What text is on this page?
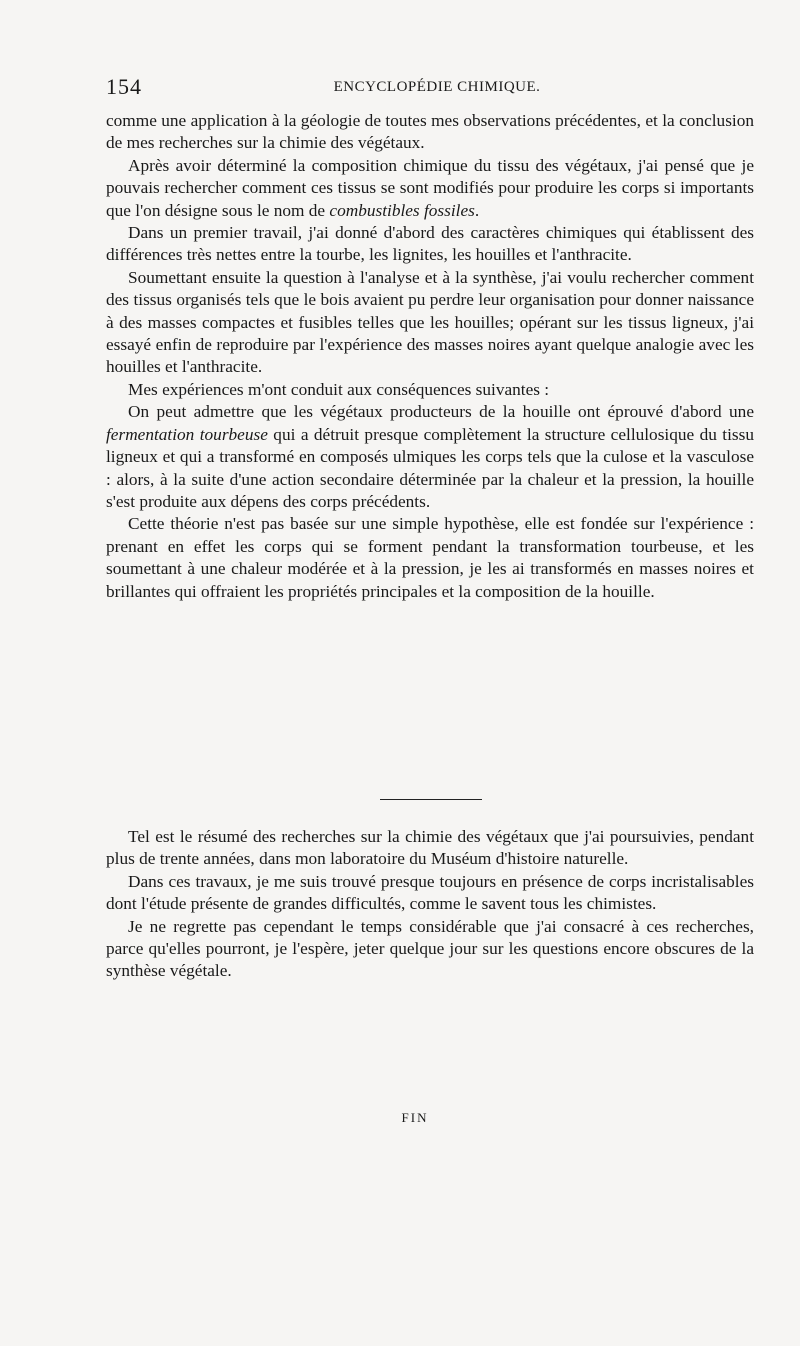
154	ENCYCLOPÉDIE CHIMIQUE.

comme une application à la géologie de toutes mes observations précédentes, et la conclusion de mes recherches sur la chimie des végétaux.

Après avoir déterminé la composition chimique du tissu des végétaux, j'ai pensé que je pouvais rechercher comment ces tissus se sont modifiés pour produire les corps si importants que l'on désigne sous le nom de combustibles fossiles.

Dans un premier travail, j'ai donné d'abord des caractères chimiques qui établissent des différences très nettes entre la tourbe, les lignites, les houilles et l'anthracite.

Soumettant ensuite la question à l'analyse et à la synthèse, j'ai voulu rechercher comment des tissus organisés tels que le bois avaient pu perdre leur organisation pour donner naissance à des masses compactes et fusibles telles que les houilles; opérant sur les tissus ligneux, j'ai essayé enfin de reproduire par l'expérience des masses noires ayant quelque analogie avec les houilles et l'anthracite.

Mes expériences m'ont conduit aux conséquences suivantes :

On peut admettre que les végétaux producteurs de la houille ont éprouvé d'abord une fermentation tourbeuse qui a détruit presque complètement la structure cellulosique du tissu ligneux et qui a transformé en composés ulmiques les corps tels que la culose et la vasculose : alors, à la suite d'une action secondaire déterminée par la chaleur et la pression, la houille s'est produite aux dépens des corps précédents.

Cette théorie n'est pas basée sur une simple hypothèse, elle est fondée sur l'expérience : prenant en effet les corps qui se forment pendant la transformation tourbeuse, et les soumettant à une chaleur modérée et à la pression, je les ai transformés en masses noires et brillantes qui offraient les propriétés principales et la composition de la houille.

Tel est le résumé des recherches sur la chimie des végétaux que j'ai poursuivies, pendant plus de trente années, dans mon laboratoire du Muséum d'histoire naturelle.

Dans ces travaux, je me suis trouvé presque toujours en présence de corps incristalisables dont l'étude présente de grandes difficultés, comme le savent tous les chimistes.

Je ne regrette pas cependant le temps considérable que j'ai consacré à ces recherches, parce qu'elles pourront, je l'espère, jeter quelque jour sur les questions encore obscures de la synthèse végétale.

FIN
